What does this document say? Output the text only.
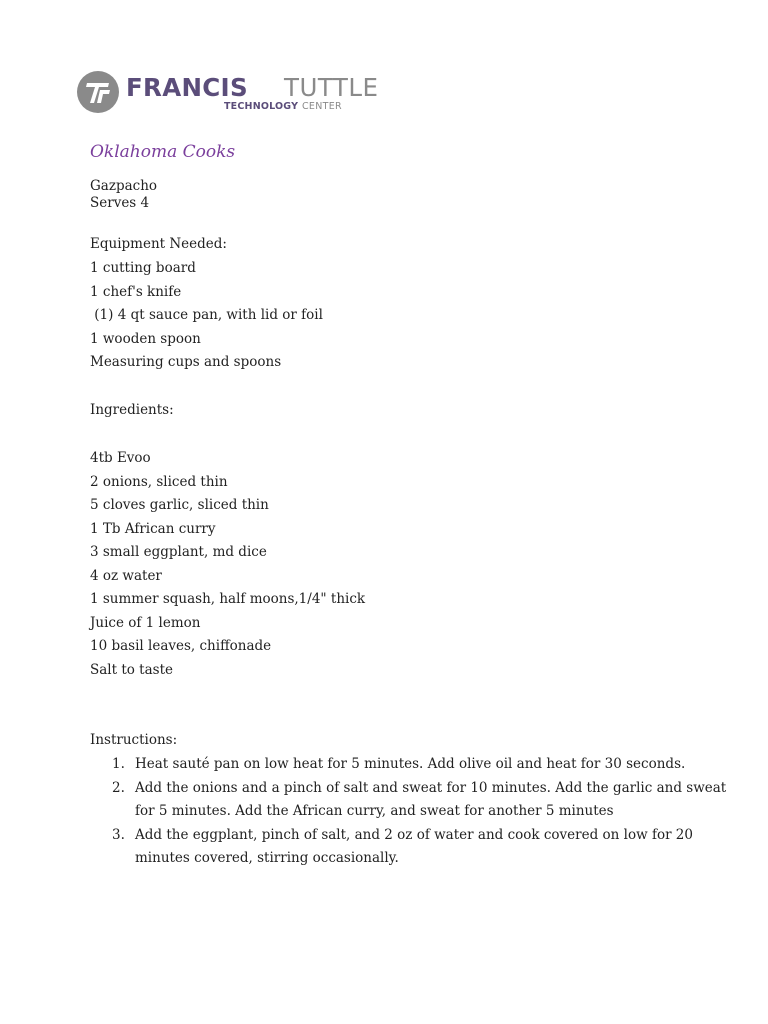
FRANCIS TUTTLE
TECHNOLOGY CENTER
Oklahoma Cooks
Gazpacho
Serves 4
Equipment Needed:
1 cutting board
1 chef's knife
(1) 4 qt sauce pan, with lid or foil
1 wooden spoon
Measuring cups and spoons
Ingredients:
4tb Evoo
2 onions, sliced thin
5 cloves garlic, sliced thin
1 Tb African curry
3 small eggplant, md dice
4 oz water
1 summer squash, half moons,1/4" thick
Juice of 1 lemon
10 basil leaves, chiffonade
Salt to taste
Instructions:
1. Heat sauté pan on low heat for 5 minutes. Add olive oil and heat for 30 seconds.
2. Add the onions and a pinch of salt and sweat for 10 minutes. Add the garlic and sweat
for 5 minutes. Add the African curry, and sweat for another 5 minutes
3. Add the eggplant, pinch of salt, and 2 oz of water and cook covered on low for 20
minutes covered, stirring occasionally.
